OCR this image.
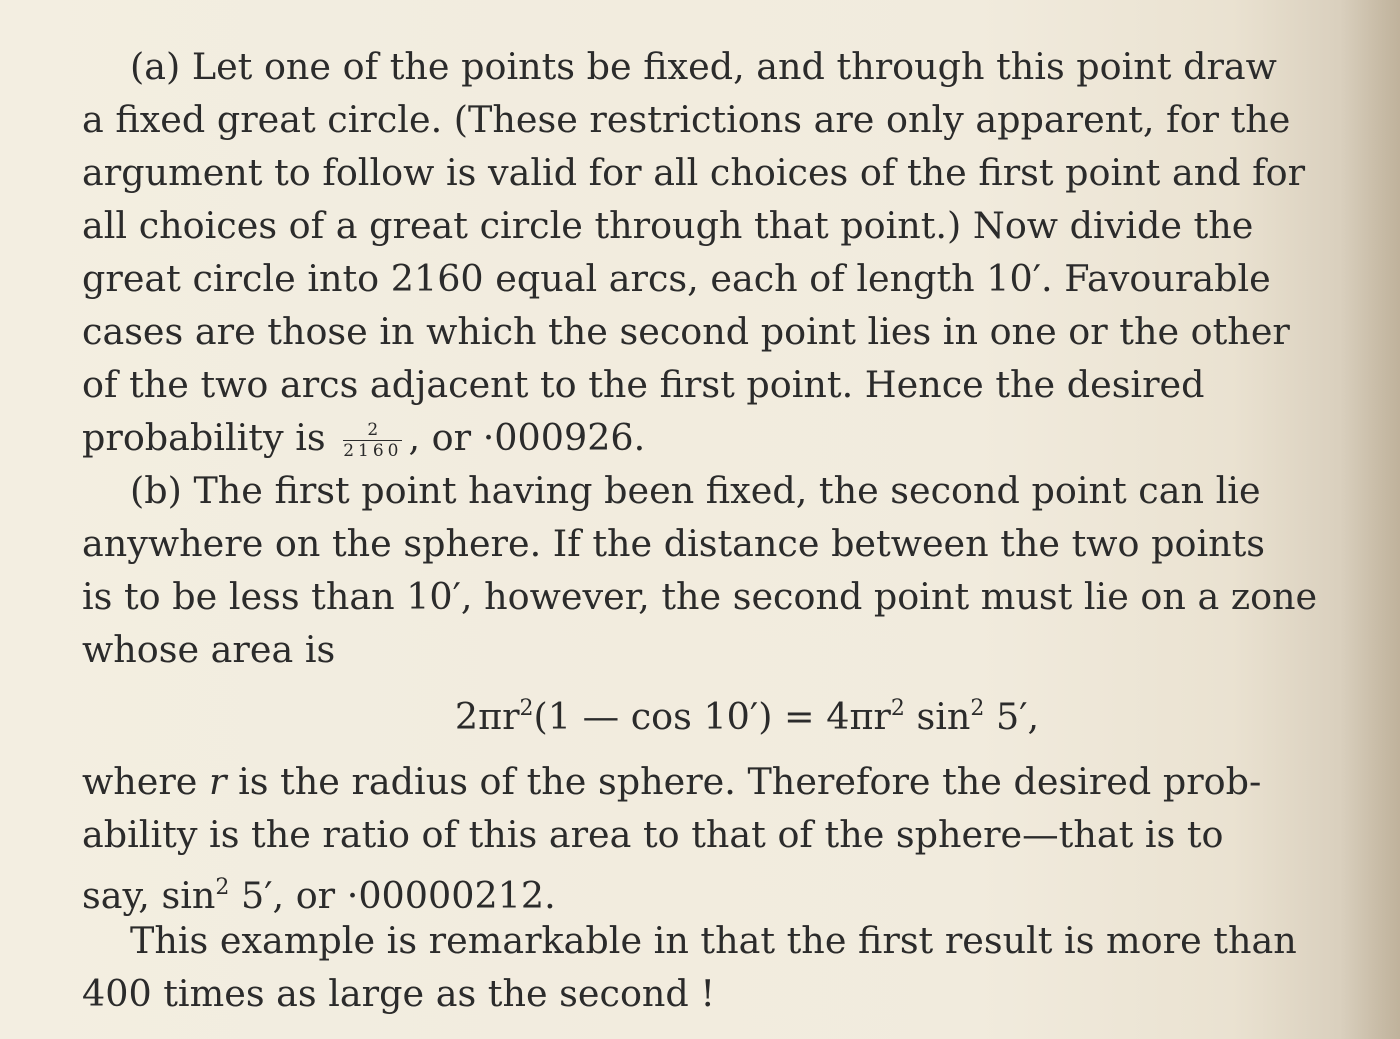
(a) Let one of the points be fixed, and through this point draw
a fixed great circle. (These restrictions are only apparent, for the
argument to follow is valid for all choices of the first point and for
all choices of a great circle through that point.) Now divide the
great circle into 2160 equal arcs, each of length 10′. Favourable
cases are those in which the second point lies in one or the other
of the two arcs adjacent to the first point. Hence the desired
probability is $\frac{2}{2160}$ , or ·000926.
(b) The first point having been fixed, the second point can lie
anywhere on the sphere. If the distance between the two points
is to be less than 10′, however, the second point must lie on a zone
whose area is
$2\pi r^2(1$ — $\cos 10') = 4\pi r^2$ $\sin^2 5'$,
where r is the radius of the sphere. Therefore the desired prob-
ability is the ratio of this area to that of the sphere—that is to
say, $\sin^2 5'$, or ·00000212.
This example is remarkable in that the first result is more than
400 times as large as the second !
